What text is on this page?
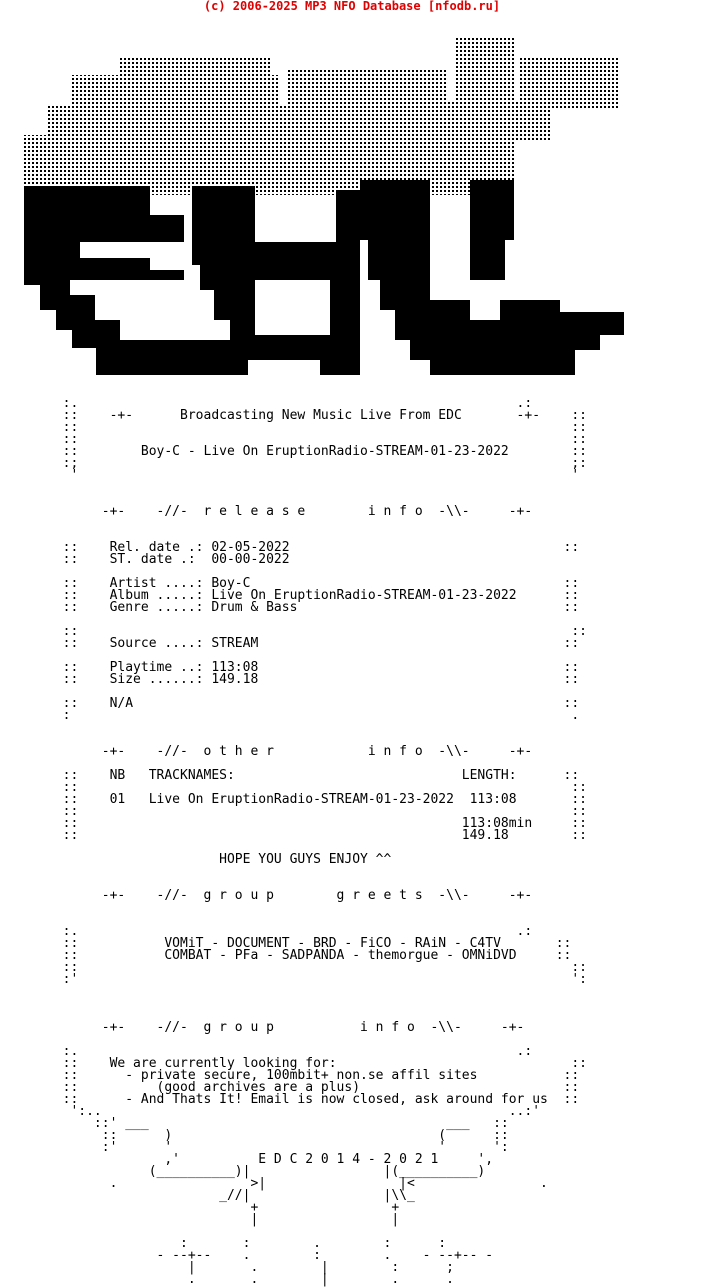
(c) 2006-2025 MP3 NFO Database [nfodb.ru]
:.                                                        .:
::    -+-      Broadcasting New Music Live From EDC       -+-    ::
::                                                               ::
::                                                               ::
::        Boy-C - Live On EruptionRadio-STREAM-01-23-2022        ::
:;                                                               ;:
'                                                               '

-+-    -//-  r e l e a s e        i n f o  -\\-     -+-

::    Rel. date .: 02-05-2022                                   ::
::    ST. date .:  00-00-2022

::    Artist ....: Boy-C                                        ::
::    Album .....: Live On EruptionRadio-STREAM-01-23-2022      ::
::    Genre .....: Drum & Bass                                  ::

::                                                               ::
::    Source ....: STREAM                                       ::

::    Playtime ..: 113:08                                       ::
::    Size ......: 149.18                                       ::

::    N/A                                                       ::
:                                                                .

-+-    -//-  o t h e r            i n f o  -\\-     -+-

::    NB   TRACKNAMES:                             LENGTH:      ::
::                                                               ::
::    01   Live On EruptionRadio-STREAM-01-23-2022  113:08       ::
::                                                               ::
::                                                 113:08min     ::
::                                                 149.18        ::

HOPE YOU GUYS ENJOY ^^

-+-    -//-  g r o u p        g r e e t s  -\\-     -+-

:.                                                        .:
::           VOMiT - DOCUMENT - BRD - FiCO - RAiN - C4TV       ::
::           COMBAT - PFa - SADPANDA - themorgue - OMNiDVD     ::
::                                                               ::
:'                                                               ':

-+-    -//-  g r o u p           i n f o  -\\-     -+-

:.                                                        .:
::    We are currently looking for:                              ::
::      - private secure, 100mbit+ non.se affil sites           ::
::          (good archives are a plus)                          ::
::      - And Thats It! Email is now closed, ask around for us  ::
':..                                                    ..:'
::' ___                                      ___   ::
::      )                                  (      ::
:'      '                                  '      ':
,'          E D C 2 0 1 4 - 2 0 2 1     ',
(__________)|                 |(__________)
.                 >|                 |<                .
_//|                 |\\_
+                 +
|                 |

:       :        .        :      :
- --+--    .        :        .    - --+-- -
|       .        |        :      ;
.       .        |        .      .
